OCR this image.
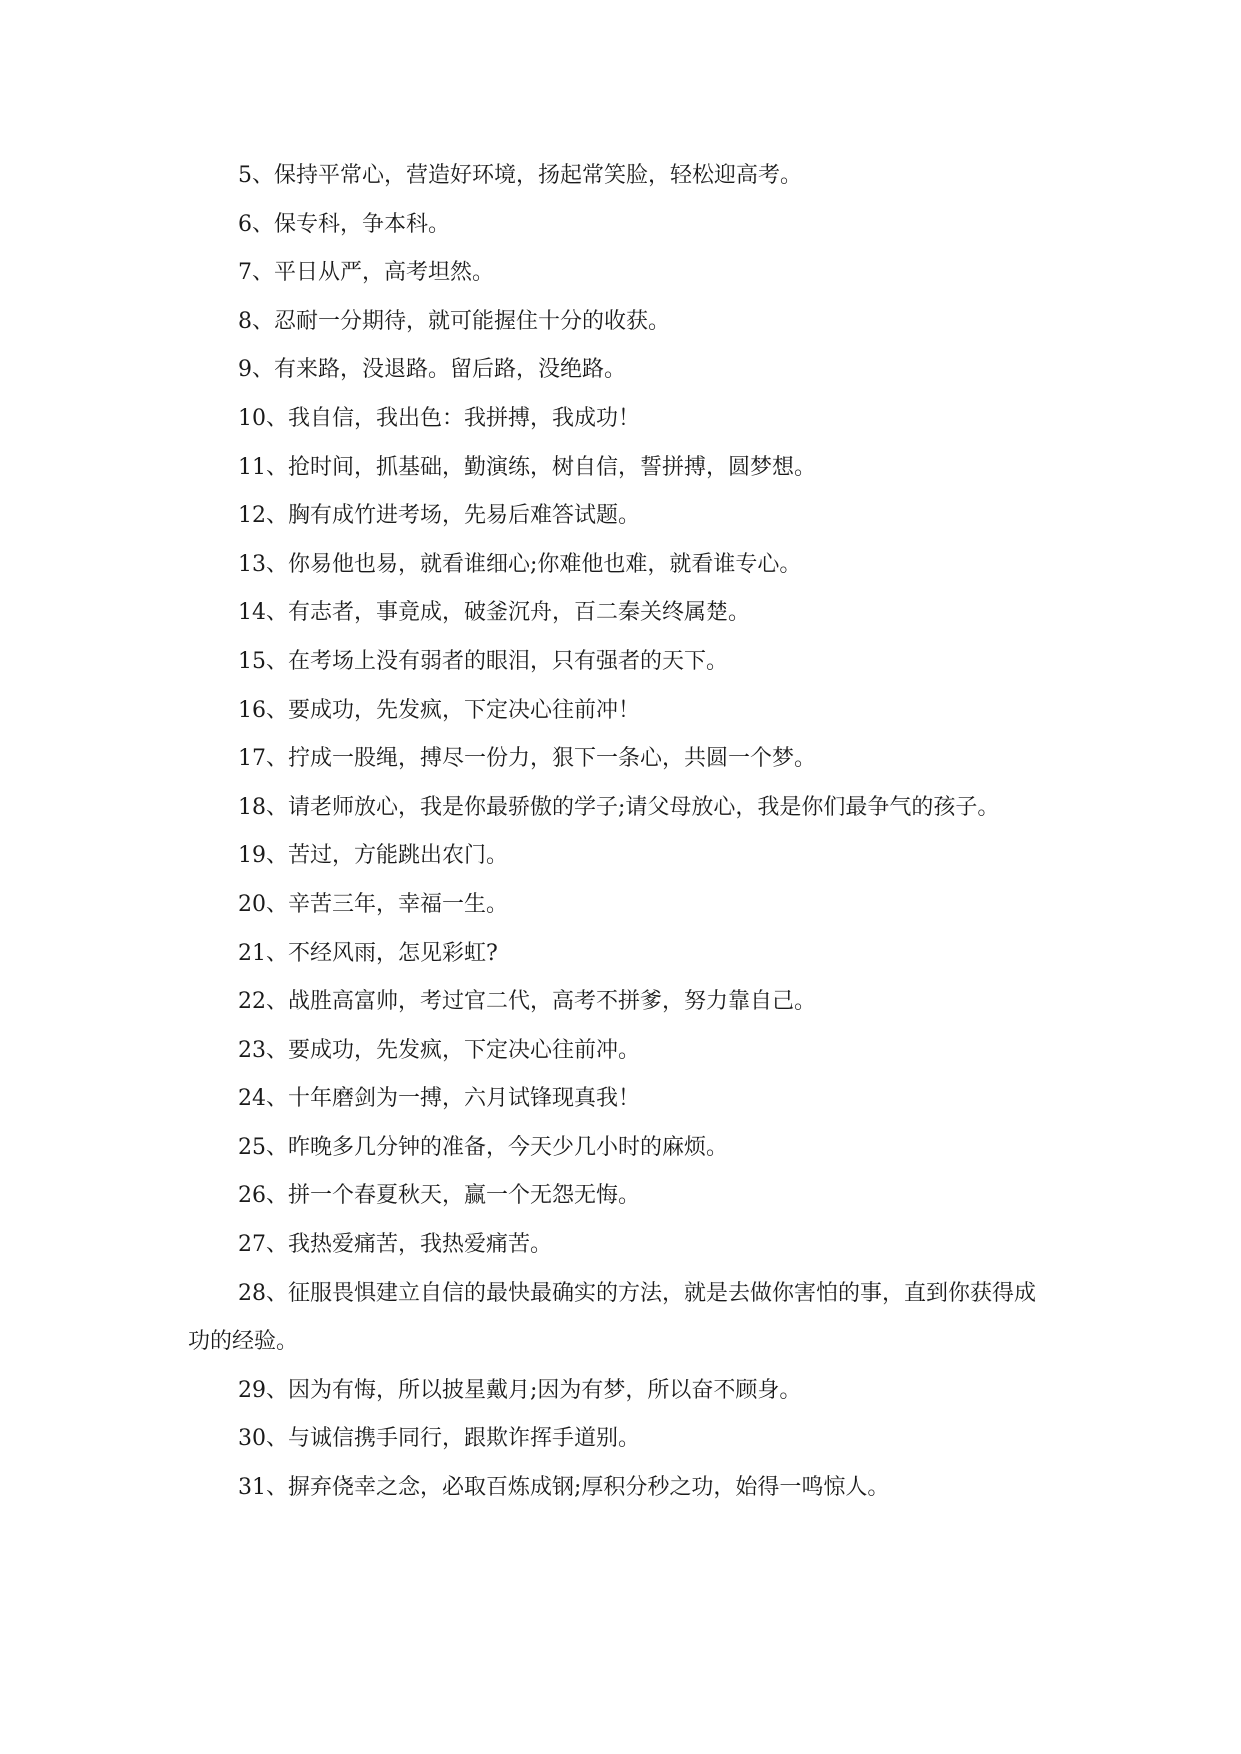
5、保持平常心，营造好环境，扬起常笑脸，轻松迎高考。

6、保专科，争本科。

7、平日从严，高考坦然。

8、忍耐一分期待，就可能握住十分的收获。

9、有来路，没退路。留后路，没绝路。

10、我自信，我出色：我拼搏，我成功！

11、抢时间，抓基础，勤演练，树自信，誓拼搏，圆梦想。

12、胸有成竹进考场，先易后难答试题。

13、你易他也易，就看谁细心;你难他也难，就看谁专心。

14、有志者，事竟成，破釜沉舟，百二秦关终属楚。

15、在考场上没有弱者的眼泪，只有强者的天下。

16、要成功，先发疯，下定决心往前冲！

17、拧成一股绳，搏尽一份力，狠下一条心，共圆一个梦。

18、请老师放心，我是你最骄傲的学子;请父母放心，我是你们最争气的孩子。

19、苦过，方能跳出农门。

20、辛苦三年，幸福一生。

21、不经风雨，怎见彩虹?

22、战胜高富帅，考过官二代，高考不拼爹，努力靠自己。

23、要成功，先发疯，下定决心往前冲。

24、十年磨剑为一搏，六月试锋现真我！

25、昨晚多几分钟的准备，今天少几小时的麻烦。

26、拼一个春夏秋天，赢一个无怨无悔。

27、我热爱痛苦，我热爱痛苦。

28、征服畏惧建立自信的最快最确实的方法，就是去做你害怕的事，直到你获得成功的经验。

29、因为有悔，所以披星戴月;因为有梦，所以奋不顾身。

30、与诚信携手同行，跟欺诈挥手道别。

31、摒弃侥幸之念，必取百炼成钢;厚积分秒之功，始得一鸣惊人。
